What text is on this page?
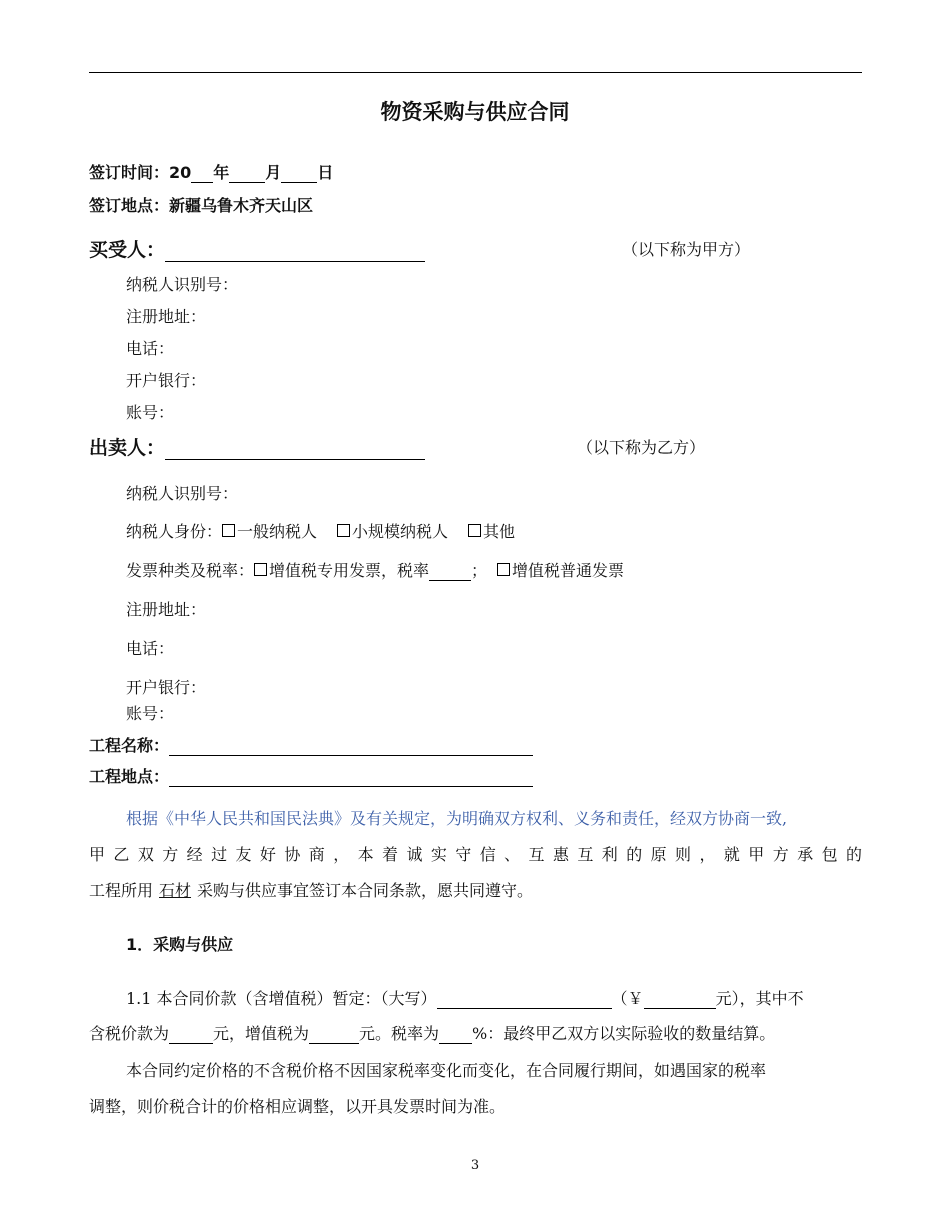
物资采购与供应合同
签订时间：20 年 月 日
签订地点：新疆乌鲁木齐天山区
买受人：	（以下称为甲方）
纳税人识别号：
注册地址：
电话：
开户银行：
账号：
出卖人：	（以下称为乙方）
纳税人识别号：
纳税人身份： 一般纳税人 小规模纳税人 其他
发票种类及税率： 增值税专用发票，税率	； 增值税普通发票
注册地址：
电话：
开户银行：
账号：
工程名称：
工程地点：
根据《中华人民共和国民法典》及有关规定，为明确双方权利、义务和责任，经双方协商一致,
甲乙双方经过友好协商，本着诚实守信、互惠互利的原则，就甲方承包的
工程所用 石材 采购与供应事宜签订本合同条款，愿共同遵守。
1．采购与供应
1.1 本合同价款（含增值税）暂定：（大写）	（￥	元），其中不
含税价款为	元，增值税为	元。税率为 %：最终甲乙双方以实际验收的数量结算。
本合同约定价格的不含税价格不因国家税率变化而变化，在合同履行期间，如遇国家的税率
调整，则价税合计的价格相应调整，以开具发票时间为准。
3
